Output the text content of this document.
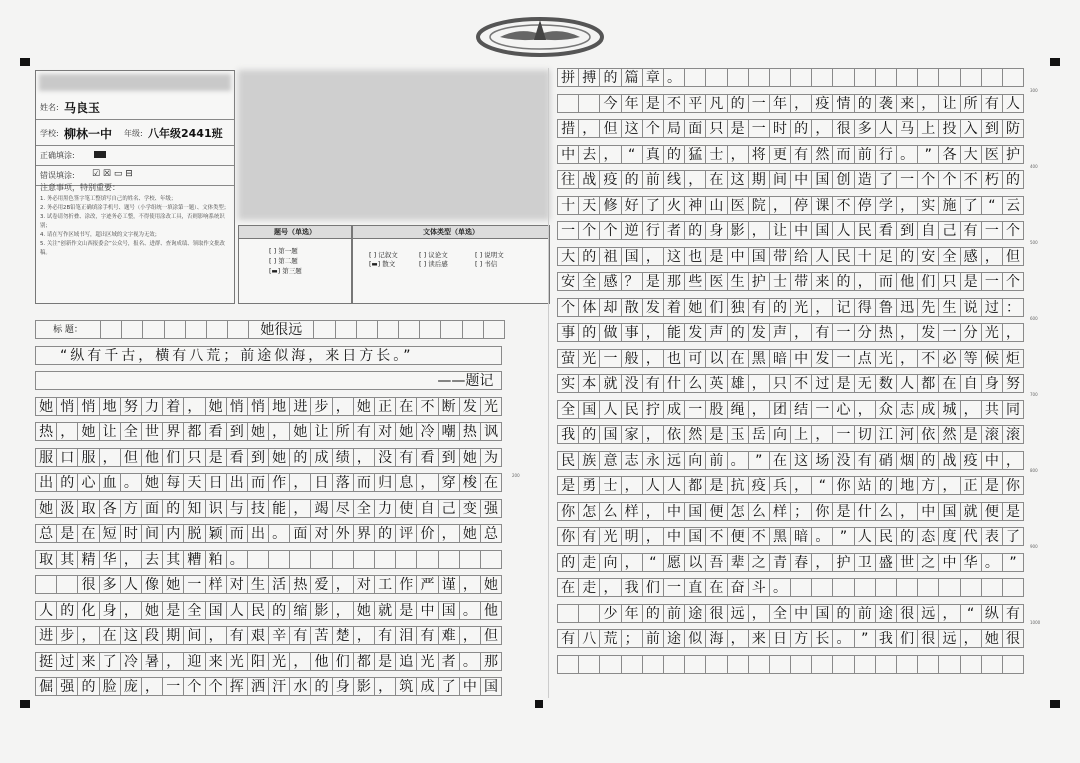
姓名: 马良玉
学校: 柳林一中 年级: 八年级2441班
正确填涂:
错误填涂: ☑ ☒ ▭ ⊟
注意事项，特别重要：
1. 务必用黑色签字笔工整填写自己的姓名、学校、年级；
2. 务必用2B铅笔正确填涂手机号、题号（小学组统一填涂第一题）、文体类型；
3. 试卷请勿折叠、涂改，字迹务必工整，不得使用涂改工具，否则影响系统识别；
4. 请在写作区域书写，超出区域的文字视为无效；
5. 关注“创新作文山西报委会”公众号，报名、进群、查询成绩、领取作文批改稿。
题号（单选）
[ ] 第一题
[ ] 第二题
[▬] 第三题
文体类型（单选）
[ ] 记叙文	[ ] 议论文	[ ] 说明文
[▬] 散文	[ ] 读后感	[ ] 书信
标 题：	她很远
“纵有千古，横有八荒；前途似海，来日方长。”
——题记
她 悄 悄 地 努 力 着 ， 她 悄 悄 地 进 步 ， 她 正 在 不 断 发 光
热 ， 她 让 全 世 界 都 看 到 她 ， 她 让 所 有 对 她 冷 嘲 热 讽
服 口 服 ， 但 他 们 只 是 看 到 她 的 成 绩 ， 没 有 看 到 她 为
出 的 心 血 。 她 每 天 日 出 而 作 ， 日 落 而 归 息 ， 穿 梭 在
她 汲 取 各 方 面 的 知 识 与 技 能 ， 竭 尽 全 力 使 自 己 变 强
总 是 在 短 时 间 内 脱 颖 而 出 。 面 对 外 界 的 评 价 ， 她 总
取 其 精 华 ， 去 其 糟 粕 。
很 多 人 像 她 一 样 对 生 活 热 爱 ， 对 工 作 严 谨 ， 她
人 的 化 身 ， 她 是 全 国 人 民 的 缩 影 ， 她 就 是 中 国 。 他
进 步 ， 在 这 段 期 间 ， 有 艰 辛 有 苦 楚 ， 有 泪 有 难 ， 但
挺 过 来 了 冷 暑 ， 迎 来 光 阳 光 ， 他 们 都 是 追 光 者 。 那
倔 强 的 脸 庞 ， 一 个 个 挥 洒 汗 水 的 身 影 ， 筑 成 了 中 国
拼 搏 的 篇 章 。
今 年 是 不 平 凡 的 一 年 ， 疫 情 的 袭 来 ， 让 所 有 人
措 ， 但 这 个 局 面 只 是 一 时 的 ， 很 多 人 马 上 投 入 到 防
中 去 ， “ 真 的 猛 士 ， 将 更 有 然 而 前 行 。 ” 各 大 医 护
往 战 疫 的 前 线 ， 在 这 期 间 中 国 创 造 了 一 个 个 不 朽 的
十 天 修 好 了 火 神 山 医 院 ， 停 课 不 停 学 ， 实 施 了 “ 云
一 个 个 逆 行 者 的 身 影 ， 让 中 国 人 民 看 到 自 己 有 一 个
大 的 祖 国 ， 这 也 是 中 国 带 给 人 民 十 足 的 安 全 感 ， 但
安 全 感 ？ 是 那 些 医 生 护 士 带 来 的 ， 而 他 们 只 是 一 个
个 体 却 散 发 着 她 们 独 有 的 光 ， 记 得 鲁 迅 先 生 说 过 ：
事 的 做 事 ， 能 发 声 的 发 声 ， 有 一 分 热 ， 发 一 分 光 ，
萤 光 一 般 ， 也 可 以 在 黑 暗 中 发 一 点 光 ， 不 必 等 候 炬
实 本 就 没 有 什 么 英 雄 ， 只 不 过 是 无 数 人 都 在 自 身 努
全 国 人 民 拧 成 一 股 绳 ， 团 结 一 心 ， 众 志 成 城 ， 共 同
我 的 国 家 ， 依 然 是 玉 岳 向 上 ， 一 切 江 河 依 然 是 滚 滚
民 族 意 志 永 远 向 前 。 ” 在 这 场 没 有 硝 烟 的 战 疫 中 ，
是 勇 士 ， 人 人 都 是 抗 疫 兵 ， “ 你 站 的 地 方 ， 正 是 你
你 怎 么 样 ， 中 国 便 怎 么 样 ； 你 是 什 么 ， 中 国 就 便 是
你 有 光 明 ， 中 国 不 便 不 黑 暗 。 ” 人 民 的 态 度 代 表 了
的 走 向 ， “ 愿 以 吾 辈 之 青 春 ， 护 卫 盛 世 之 中 华 。 ”
在 走 ， 我 们 一 直 在 奋 斗 。
少 年 的 前 途 很 远 ， 全 中 国 的 前 途 很 远 ， “ 纵 有
有 八 荒 ； 前 途 似 海 ， 来 日 方 长 。 ” 我 们 很 远 ， 她 很
200
300
400
500
600
700
800
900
1000
